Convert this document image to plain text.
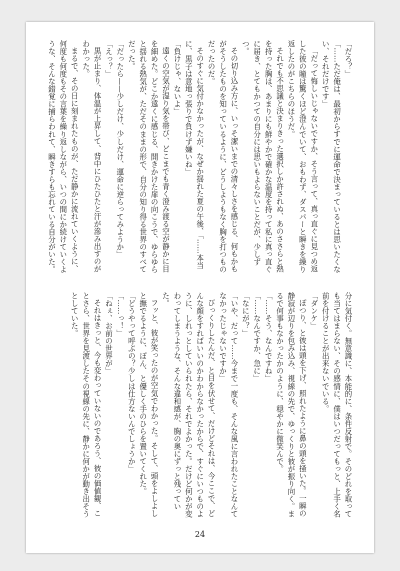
「だろ？」

「……ただ俺は、最初からすでに運命で決まっているとは思いたくない、それだけです」

「だって悔しいじゃないですか、そう言って、真っ直ぐに見つめ返した彼の瞳は驚くほど澄んでいて、おもわず、ダスパーと瞬きを繰り返したのがこちらのほうだ。

それでも不思議と決まりきった選択しか許されぬ、あのささらと熱を持った胸は、あまりにも鮮やかで確かな温度を持って私に真っ直ぐに届き、とてもかつての自分には思いもよらないことだが、少しずつ。

その切り込み方に、いっそ潔いまでの清々しさを感じる、何もかもがそうしたものを知っているように、どうしようもなく胸を打つものだったのだ。

そのすぐに気付かなかったが、なぜか揺れた夏の午後、「……本当に、黒子は意地っ張りで負けず嫌いね」

「負けじゃ、ないよ」

遠くの空気が湿り気を帯び、どこまでも青く澄み渡る空が静かに目を細めた。どこか遠くに感じる、開きかけた扉の向こうで、ゆらゆらと揺れる熱気が、ただそのままの形で、自分の知り得る世界のすべてだった。

「だったら——少しだけ、少しだけ、運命に逆らってみようか」

「えっ？」

黒が止まり、体温が上昇して、背中にひたひたと汗が滲み出すのがわかった。

まるで、その日に刻まれたものが、ただ静かに流れていくように、何度も何度もその言葉を繰り返しながら、いつの間にか続けていくような、そんな錯覚に捕らわれて、瞬きすらも忘れている自分がいた。

分に気付く。無意識に、本能的に、条件反射で。そのどれを取っても当てはまらない、その感情に、僕はいつだってもっと、上手く名前を付けることが出来ないでいる。

「ダンケ」

ぽつり、と彼は頭を下げ、照れたように鼻の頭を掻いた。一瞬の静寂が辺りを包み込み、視線の先で、ゆっくりと彼が振り向く。まるで何事もなかったかのように、穏やかに微笑んで。

「……そう、なんですね」

「……なんですか、急に」

「なにが？」

「いや、だって……今まで一度も、そんな風に言われたことなんてなかったじゃないですか」

びっくりしたんだ、と目を伏せて、だけどそれは、今ここで、どんな顔をすればいいのかわからなかったからで、すぐにいつものように、しれっとしていられたら、それでよかった。だけど何かが変わってしまうような、そんな違和感が、胸の奥にずっと残っていた。

フッと、彼が笑ったのが空気でわかった。そして、頭をよしよしと撫でるように、ぽん、と優しく手のひらを置いてくれた。

「どうやって呼ぶの？少しは仕方ないんでしょうか」

「……っ！」

「ねぇ、お前の世界が」

それはきっと、今も変わっていないのであろう、彼の価値観、ことさら、世界を見渡したその視線の先に、静かに何かが動き出そうとしていた。

24
